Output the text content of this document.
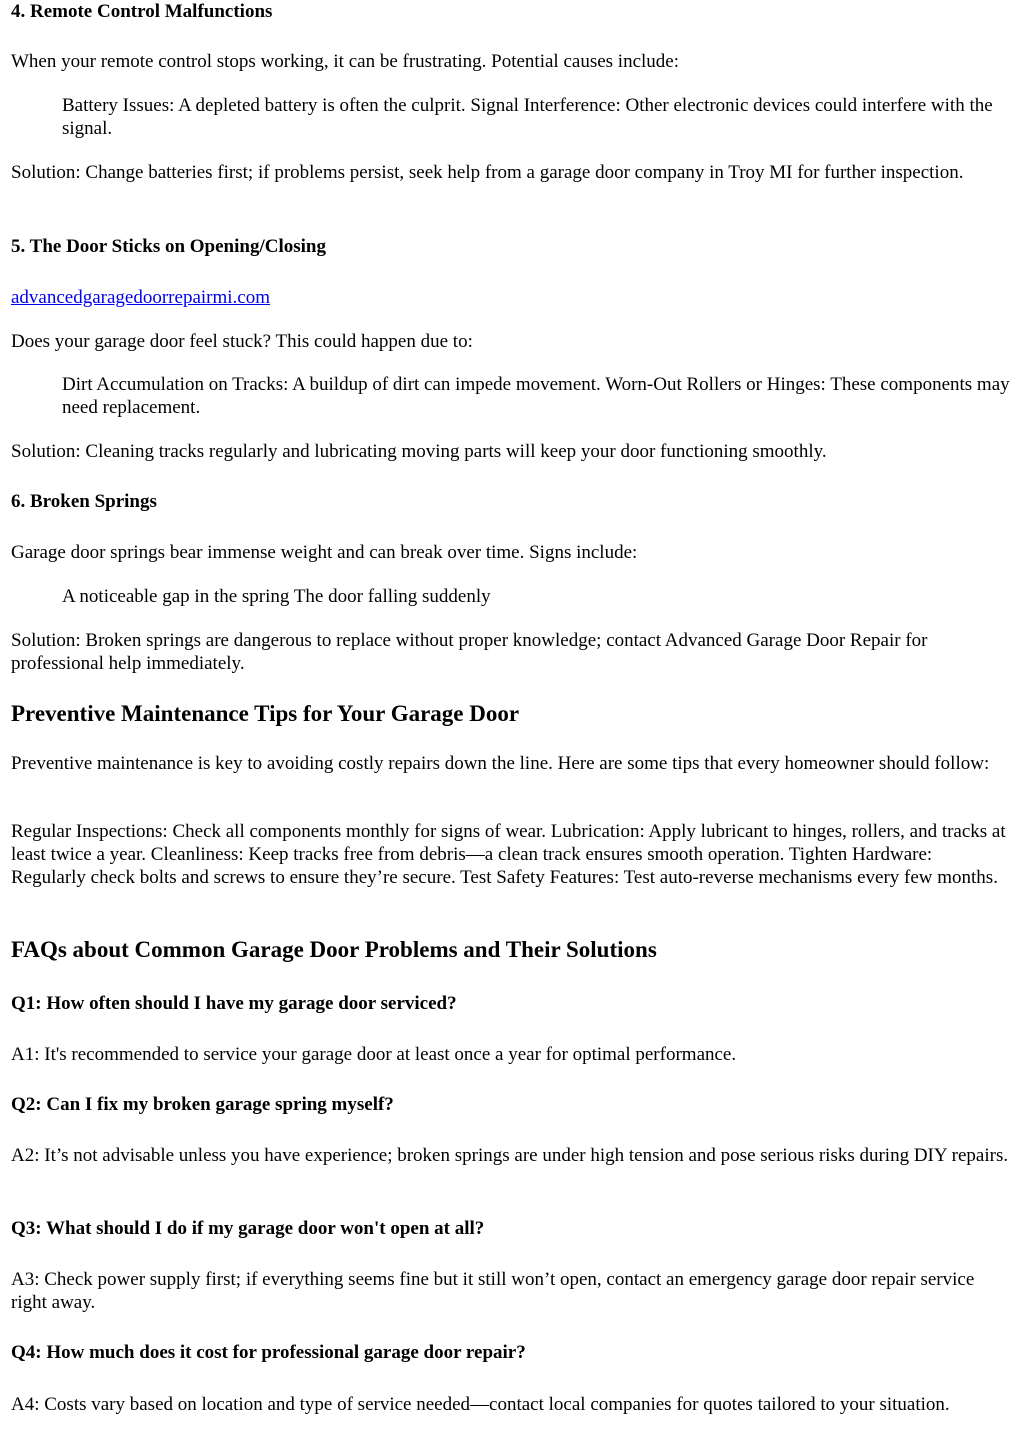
4. Remote Control Malfunctions

When your remote control stops working, it can be frustrating. Potential causes include:

Battery Issues: A depleted battery is often the culprit. Signal Interference: Other electronic devices could interfere with the signal.

Solution: Change batteries first; if problems persist, seek help from a garage door company in Troy MI for further inspection.

5. The Door Sticks on Opening/Closing

advancedgaragedoorrepairmi.com

Does your garage door feel stuck? This could happen due to:

Dirt Accumulation on Tracks: A buildup of dirt can impede movement. Worn-Out Rollers or Hinges: These components may need replacement.

Solution: Cleaning tracks regularly and lubricating moving parts will keep your door functioning smoothly.

6. Broken Springs

Garage door springs bear immense weight and can break over time. Signs include:

A noticeable gap in the spring The door falling suddenly

Solution: Broken springs are dangerous to replace without proper knowledge; contact Advanced Garage Door Repair for professional help immediately.

Preventive Maintenance Tips for Your Garage Door

Preventive maintenance is key to avoiding costly repairs down the line. Here are some tips that every homeowner should follow:

Regular Inspections: Check all components monthly for signs of wear. Lubrication: Apply lubricant to hinges, rollers, and tracks at least twice a year. Cleanliness: Keep tracks free from debris—a clean track ensures smooth operation. Tighten Hardware: Regularly check bolts and screws to ensure they’re secure. Test Safety Features: Test auto-reverse mechanisms every few months.

FAQs about Common Garage Door Problems and Their Solutions
Q1: How often should I have my garage door serviced?

A1: It's recommended to service your garage door at least once a year for optimal performance.

Q2: Can I fix my broken garage spring myself?

A2: It’s not advisable unless you have experience; broken springs are under high tension and pose serious risks during DIY repairs.

Q3: What should I do if my garage door won't open at all?

A3: Check power supply first; if everything seems fine but it still won’t open, contact an emergency garage door repair service right away.

Q4: How much does it cost for professional garage door repair?

A4: Costs vary based on location and type of service needed—contact local companies for quotes tailored to your situation.
